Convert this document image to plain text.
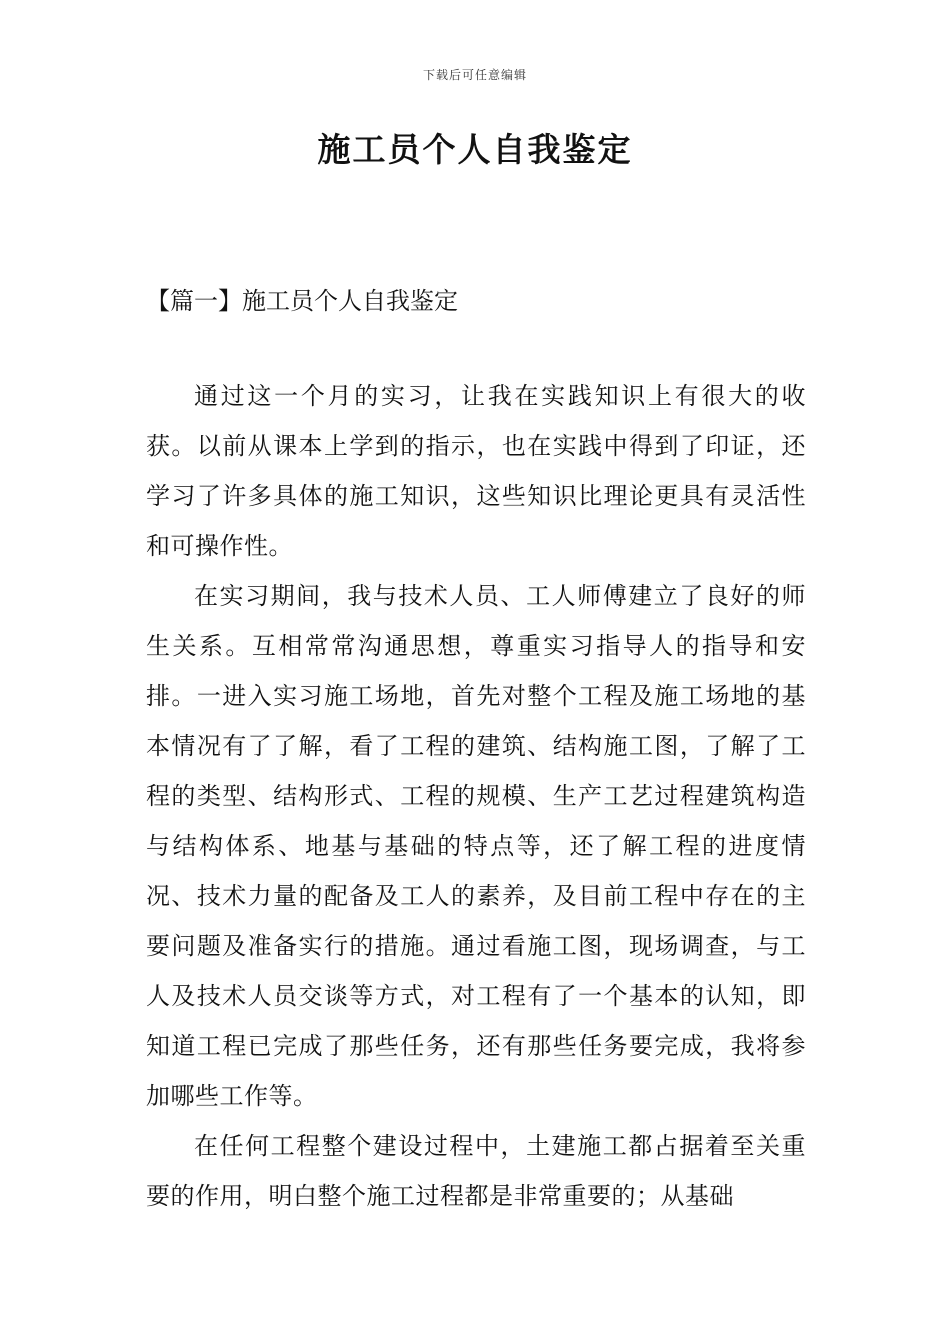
下载后可任意编辑
施工员个人自我鉴定
【篇一】施工员个人自我鉴定

通过这一个月的实习，让我在实践知识上有很大的收获。以前从课本上学到的指示，也在实践中得到了印证，还学习了许多具体的施工知识，这些知识比理论更具有灵活性和可操作性。

在实习期间，我与技术人员、工人师傅建立了良好的师生关系。互相常常沟通思想，尊重实习指导人的指导和安排。一进入实习施工场地，首先对整个工程及施工场地的基本情况有了了解，看了工程的建筑、结构施工图，了解了工程的类型、结构形式、工程的规模、生产工艺过程建筑构造与结构体系、地基与基础的特点等，还了解工程的进度情况、技术力量的配备及工人的素养，及目前工程中存在的主要问题及准备实行的措施。通过看施工图，现场调查，与工人及技术人员交谈等方式，对工程有了一个基本的认知，即知道工程已完成了那些任务，还有那些任务要完成，我将参加哪些工作等。

在任何工程整个建设过程中，土建施工都占据着至关重要的作用，明白整个施工过程都是非常重要的；从基础
